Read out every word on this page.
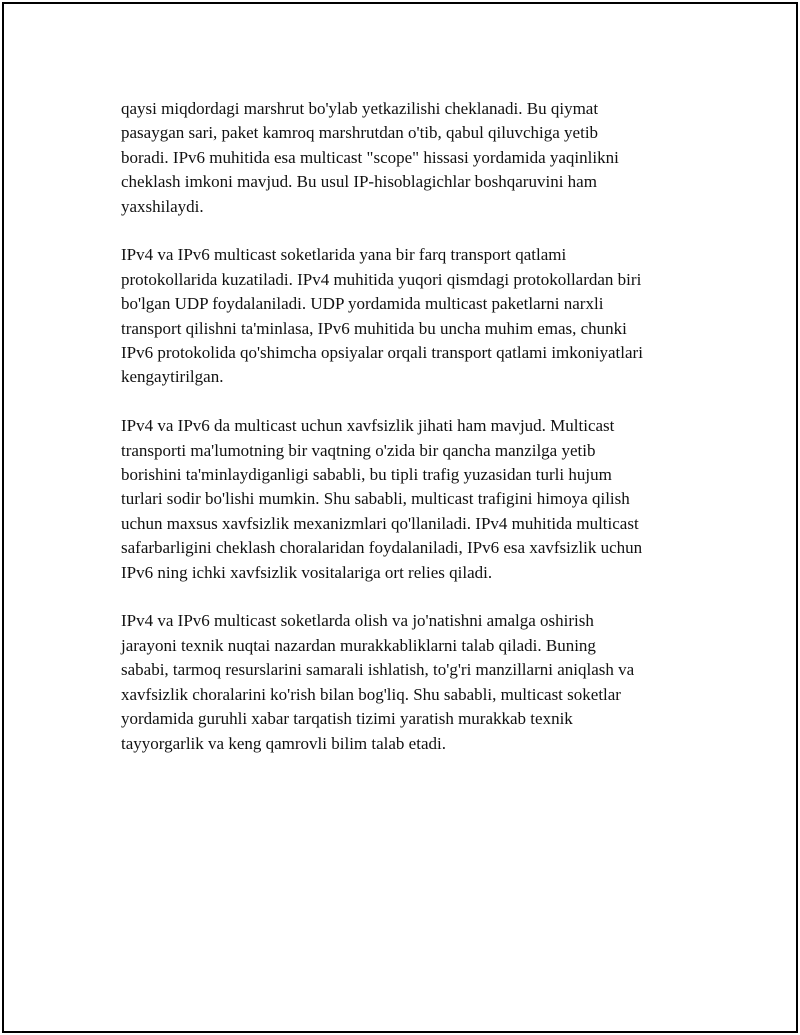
qaysi miqdordagi marshrut bo'ylab yetkazilishi cheklanadi. Bu qiymat
pasaygan sari, paket kamroq marshrutdan o'tib, qabul qiluvchiga yetib
boradi. IPv6 muhitida esa multicast "scope" hissasi yordamida yaqinlikni
cheklash imkoni mavjud. Bu usul IP-hisoblagichlar boshqaruvini ham
yaxshilaydi.

IPv4 va IPv6 multicast soketlarida yana bir farq transport qatlami
protokollarida kuzatiladi. IPv4 muhitida yuqori qismdagi protokollardan biri
bo'lgan UDP foydalaniladi. UDP yordamida multicast paketlarni narxli
transport qilishni ta'minlasa, IPv6 muhitida bu uncha muhim emas, chunki
IPv6 protokolida qo'shimcha opsiyalar orqali transport qatlami imkoniyatlari
kengaytirilgan.

IPv4 va IPv6 da multicast uchun xavfsizlik jihati ham mavjud. Multicast
transporti ma'lumotning bir vaqtning o'zida bir qancha manzilga yetib
borishini ta'minlaydiganligi sababli, bu tipli trafig yuzasidan turli hujum
turlari sodir bo'lishi mumkin. Shu sababli, multicast trafigini himoya qilish
uchun maxsus xavfsizlik mexanizmlari qo'llaniladi. IPv4 muhitida multicast
safarbarligini cheklash choralaridan foydalaniladi, IPv6 esa xavfsizlik uchun
IPv6 ning ichki xavfsizlik vositalariga ort relies qiladi.

IPv4 va IPv6 multicast soketlarda olish va jo'natishni amalga oshirish
jarayoni texnik nuqtai nazardan murakkabliklarni talab qiladi. Buning
sababi, tarmoq resurslarini samarali ishlatish, to'g'ri manzillarni aniqlash va
xavfsizlik choralarini ko'rish bilan bog'liq. Shu sababli, multicast soketlar
yordamida guruhli xabar tarqatish tizimi yaratish murakkab texnik
tayyorgarlik va keng qamrovli bilim talab etadi.
